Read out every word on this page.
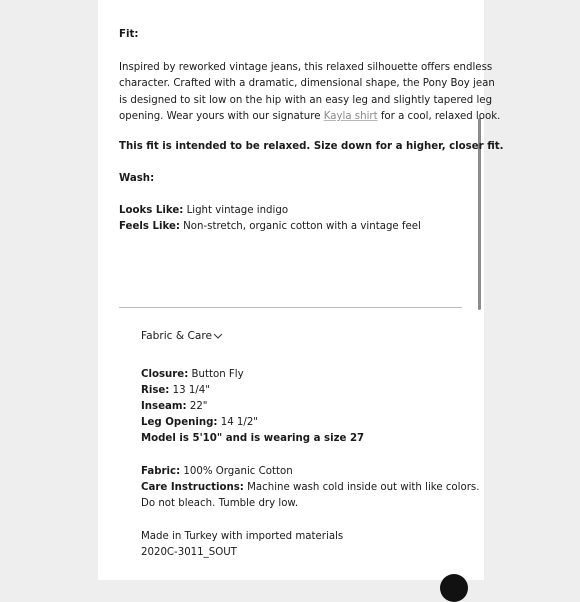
Fit:
Inspired by reworked vintage jeans, this relaxed silhouette offers endless
character. Crafted with a dramatic, dimensional shape, the Pony Boy jean
is designed to sit low on the hip with an easy leg and slightly tapered leg
opening. Wear yours with our signature Kayla shirt for a cool, relaxed look.
This fit is intended to be relaxed. Size down for a higher, closer fit.
Wash:
Looks Like: Light vintage indigo
Feels Like: Non-stretch, organic cotton with a vintage feel
Fabric & Care
Closure: Button Fly
Rise: 13 1/4"
Inseam: 22"
Leg Opening: 14 1/2"
Model is 5'10" and is wearing a size 27
Fabric: 100% Organic Cotton
Care Instructions: Machine wash cold inside out with like colors.
Do not bleach. Tumble dry low.
Made in Turkey with imported materials
2020C-3011_SOUT
